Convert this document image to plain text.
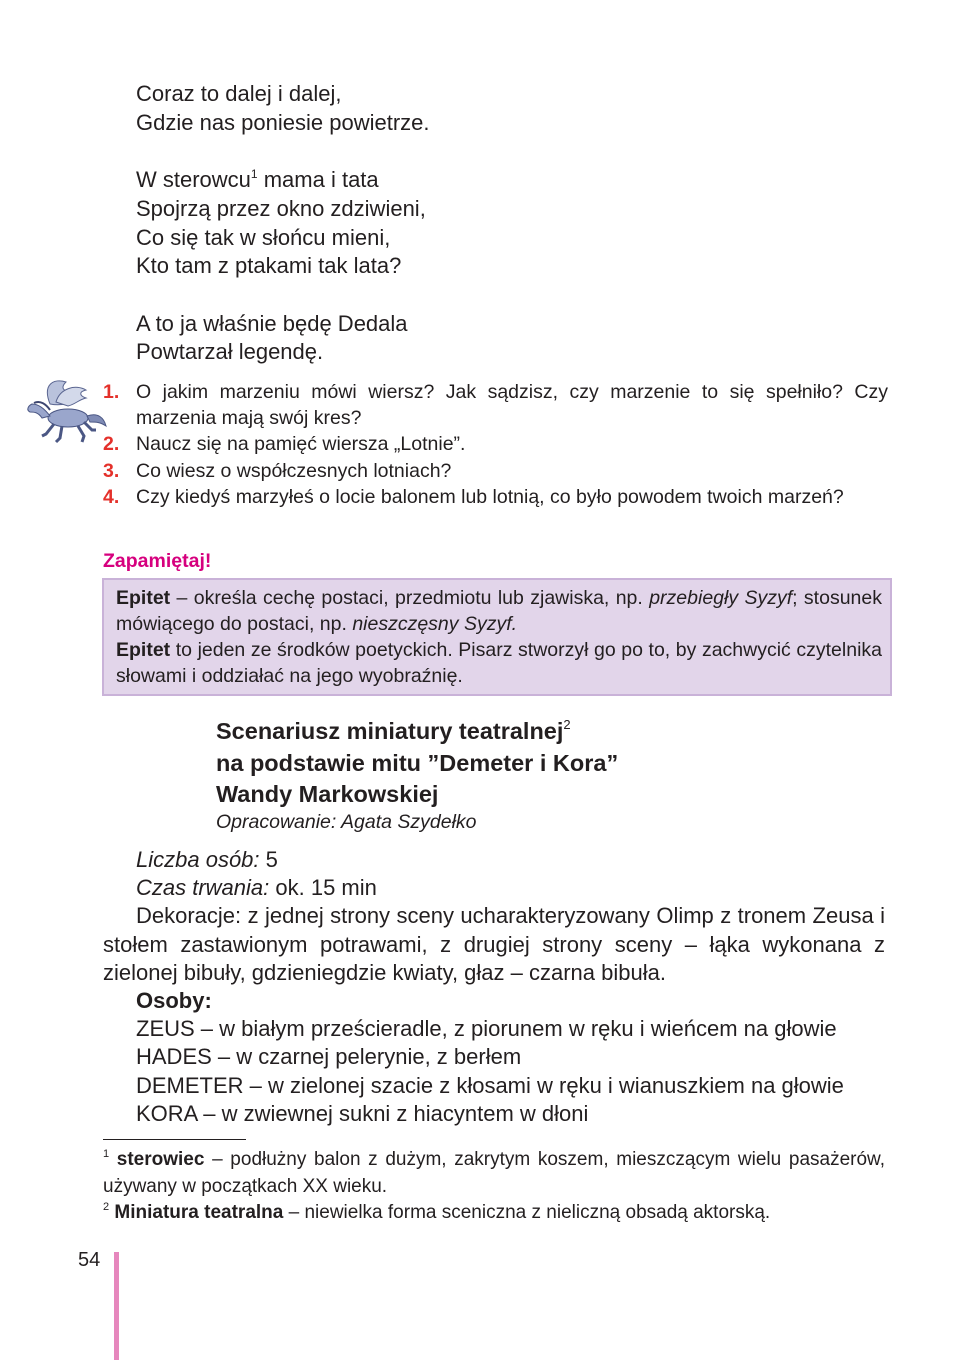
Coraz to dalej i dalej,
Gdzie nas poniesie powietrze.
W sterowcu$^1$ mama i tata
Spojrzą przez okno zdziwieni,
Co się tak w słońcu mieni,
Kto tam z ptakami tak lata?
A to ja właśnie będę Dedala
Powtarzał legendę.
1. O jakim marzeniu mówi wiersz? Jak sądzisz, czy marzenie to się spełniło? Czy marzenia mają swój kres?
2. Naucz się na pamięć wiersza „Lotnie”.
3. Co wiesz o współczesnych lotniach?
4. Czy kiedyś marzyłeś o locie balonem lub lotnią, co było powodem twoich marzeń?
Zapamiętaj!
Epitet – określa cechę postaci, przedmiotu lub zjawiska, np. przebiegły Syzyf; stosunek mówiącego do postaci, np. nieszczęsny Syzyf.
Epitet to jeden ze środków poetyckich. Pisarz stworzył go po to, by zachwycić czytelnika słowami i oddziałać na jego wyobraźnię.
Scenariusz miniatury teatralnej$^2$
na podstawie mitu ”Demeter i Kora”
Wandy Markowskiej
Opracowanie: Agata Szydełko
Liczba osób: 5
Czas trwania: ok. 15 min
Dekoracje: z jednej strony sceny ucharakteryzowany Olimp z tronem Zeusa i stołem zastawionym potrawami, z drugiej strony sceny – łąka wykonana z zielonej bibuły, gdzieniegdzie kwiaty, głaz – czarna bibuła.
Osoby:
ZEUS – w białym prześcieradle, z piorunem w ręku i wieńcem na głowie
HADES – w czarnej pelerynie, z berłem
DEMETER – w zielonej szacie z kłosami w ręku i wianuszkiem na głowie
KORA – w zwiewnej sukni z hiacyntem w dłoni
$^1$ sterowiec – podłużny balon z dużym, zakrytym koszem, mieszczącym wielu pasażerów, używany w początkach XX wieku.
$^2$ Miniatura teatralna – niewielka forma sceniczna z nieliczną obsadą aktorską.
54
